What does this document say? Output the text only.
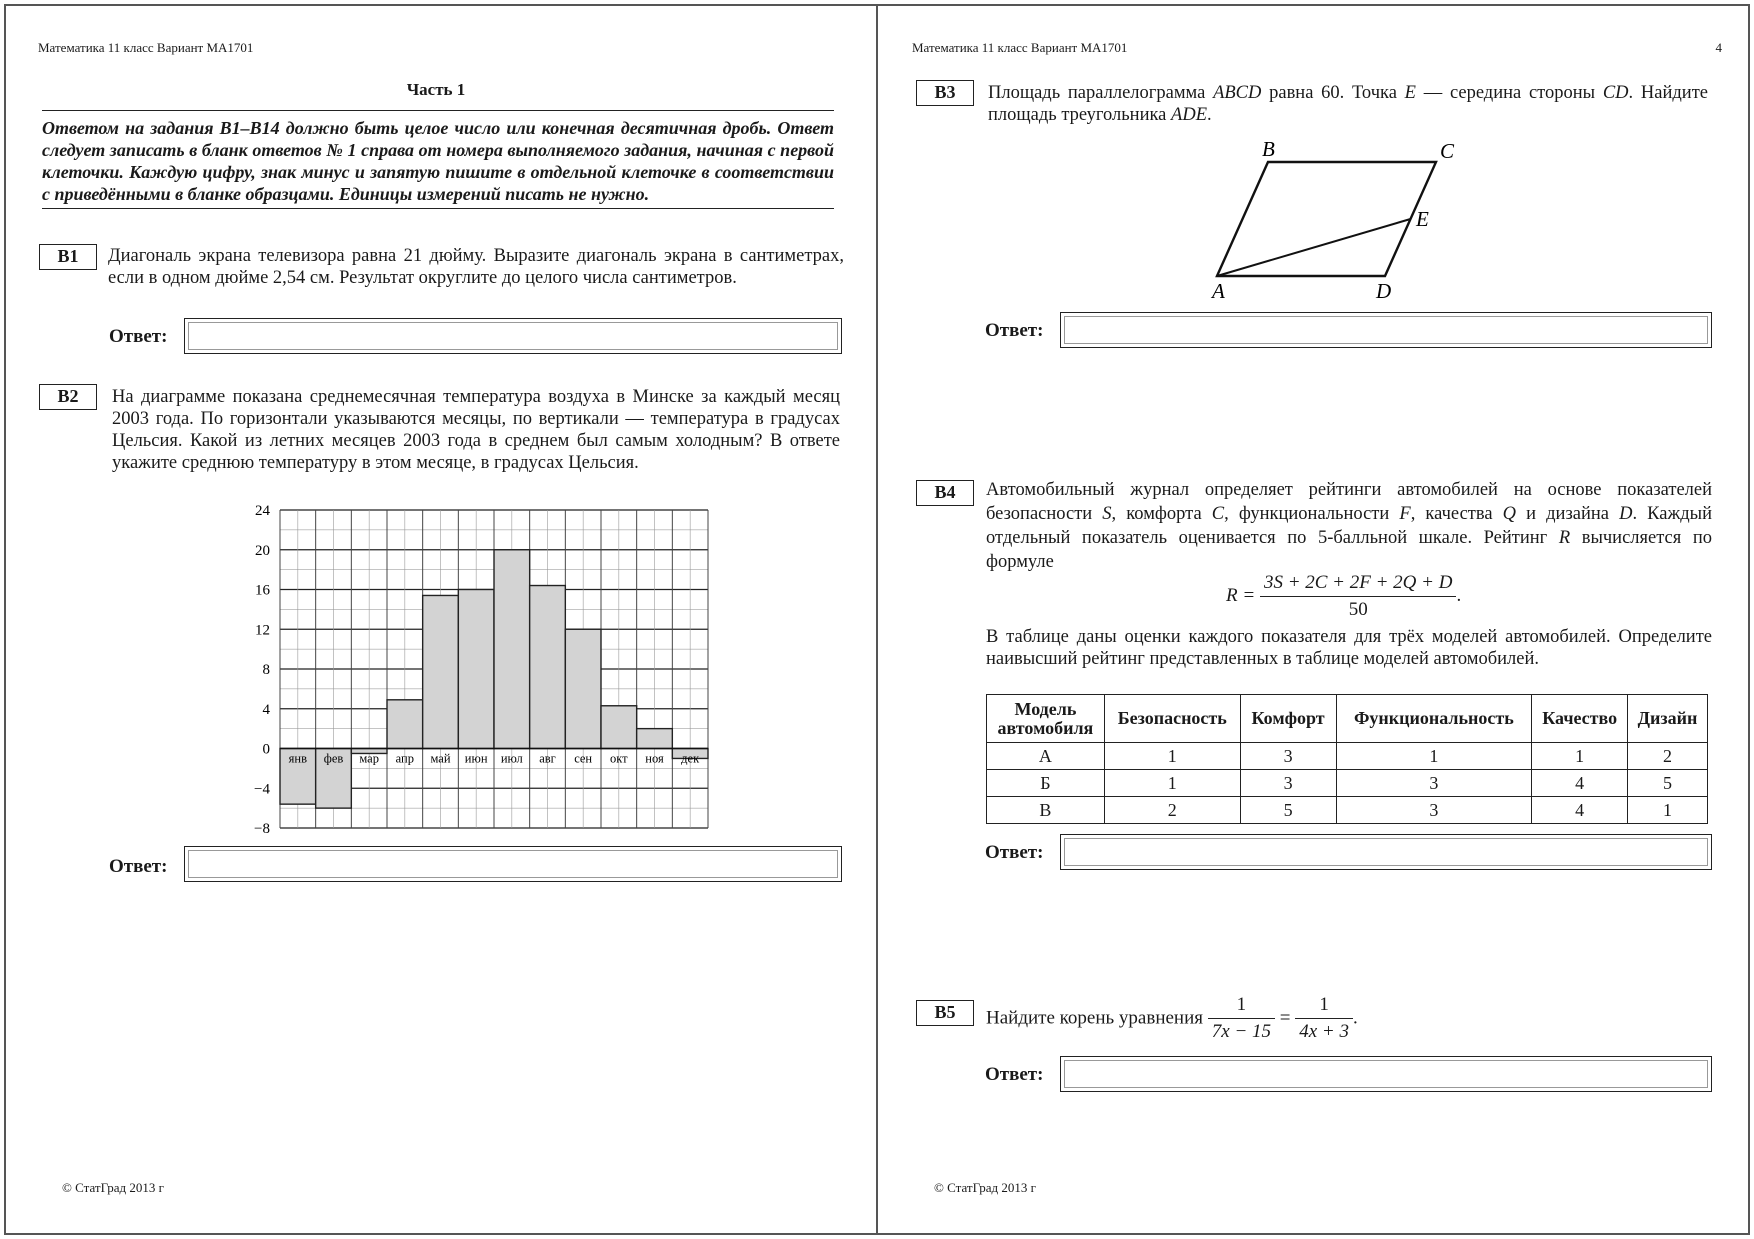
Математика 11 класс Вариант МА1701
Часть 1
Ответом на задания В1–В14 должно быть целое число или конечная десятичная дробь. Ответ следует записать в бланк ответов № 1 справа от номера выполняемого задания, начиная с первой клеточки. Каждую цифру, знак минус и запятую пишите в отдельной клеточке в соответствии с приведёнными в бланке образцами. Единицы измерений писать не нужно.
B1	Диагональ экрана телевизора равна 21 дюйму. Выразите диагональ экрана в сантиметрах, если в одном дюйме 2,54 см. Результат округлите до целого числа сантиметров.
Ответ:
B2	На диаграмме показана среднемесячная температура воздуха в Минске за каждый месяц 2003 года. По горизонтали указываются месяцы, по вертикали — температура в градусах Цельсия. Какой из летних месяцев 2003 года в среднем был самым холодным? В ответе укажите среднюю температуру в этом месяце, в градусах Цельсия.
24
20
16
12
8
4
0
−4
−8
янв фев мар апр май июн июл авг сен окт ноя дек
Ответ:
© СтатГрад 2013 г
Математика 11 класс Вариант МА1701	4
B3	Площадь параллелограмма ABCD равна 60. Точка E — середина стороны CD. Найдите площадь треугольника ADE.
A
B	C
D
E
Ответ:
B4	Автомобильный журнал определяет рейтинги автомобилей на основе показателей безопасности S, комфорта C, функциональности F, качества Q и дизайна D. Каждый отдельный показатель оценивается по 5-балльной шкале. Рейтинг R вычисляется по формуле
$R = \frac{3S + 2C + 2F + 2Q + D}{50}$ .
В таблице даны оценки каждого показателя для трёх моделей автомобилей. Определите наивысший рейтинг представленных в таблице моделей автомобилей.
Модель автомобиля	Безопасность	Комфорт	Функциональность	Качество	Дизайн
А	1	3	1	1	2
Б	1	3	3	4	5
В	2	5	3	4	1
Ответ:
B5	Найдите корень уравнения $\frac{1}{7x - 15} = \frac{1}{4x + 3}$ .
Ответ:
© СтатГрад 2013 г
